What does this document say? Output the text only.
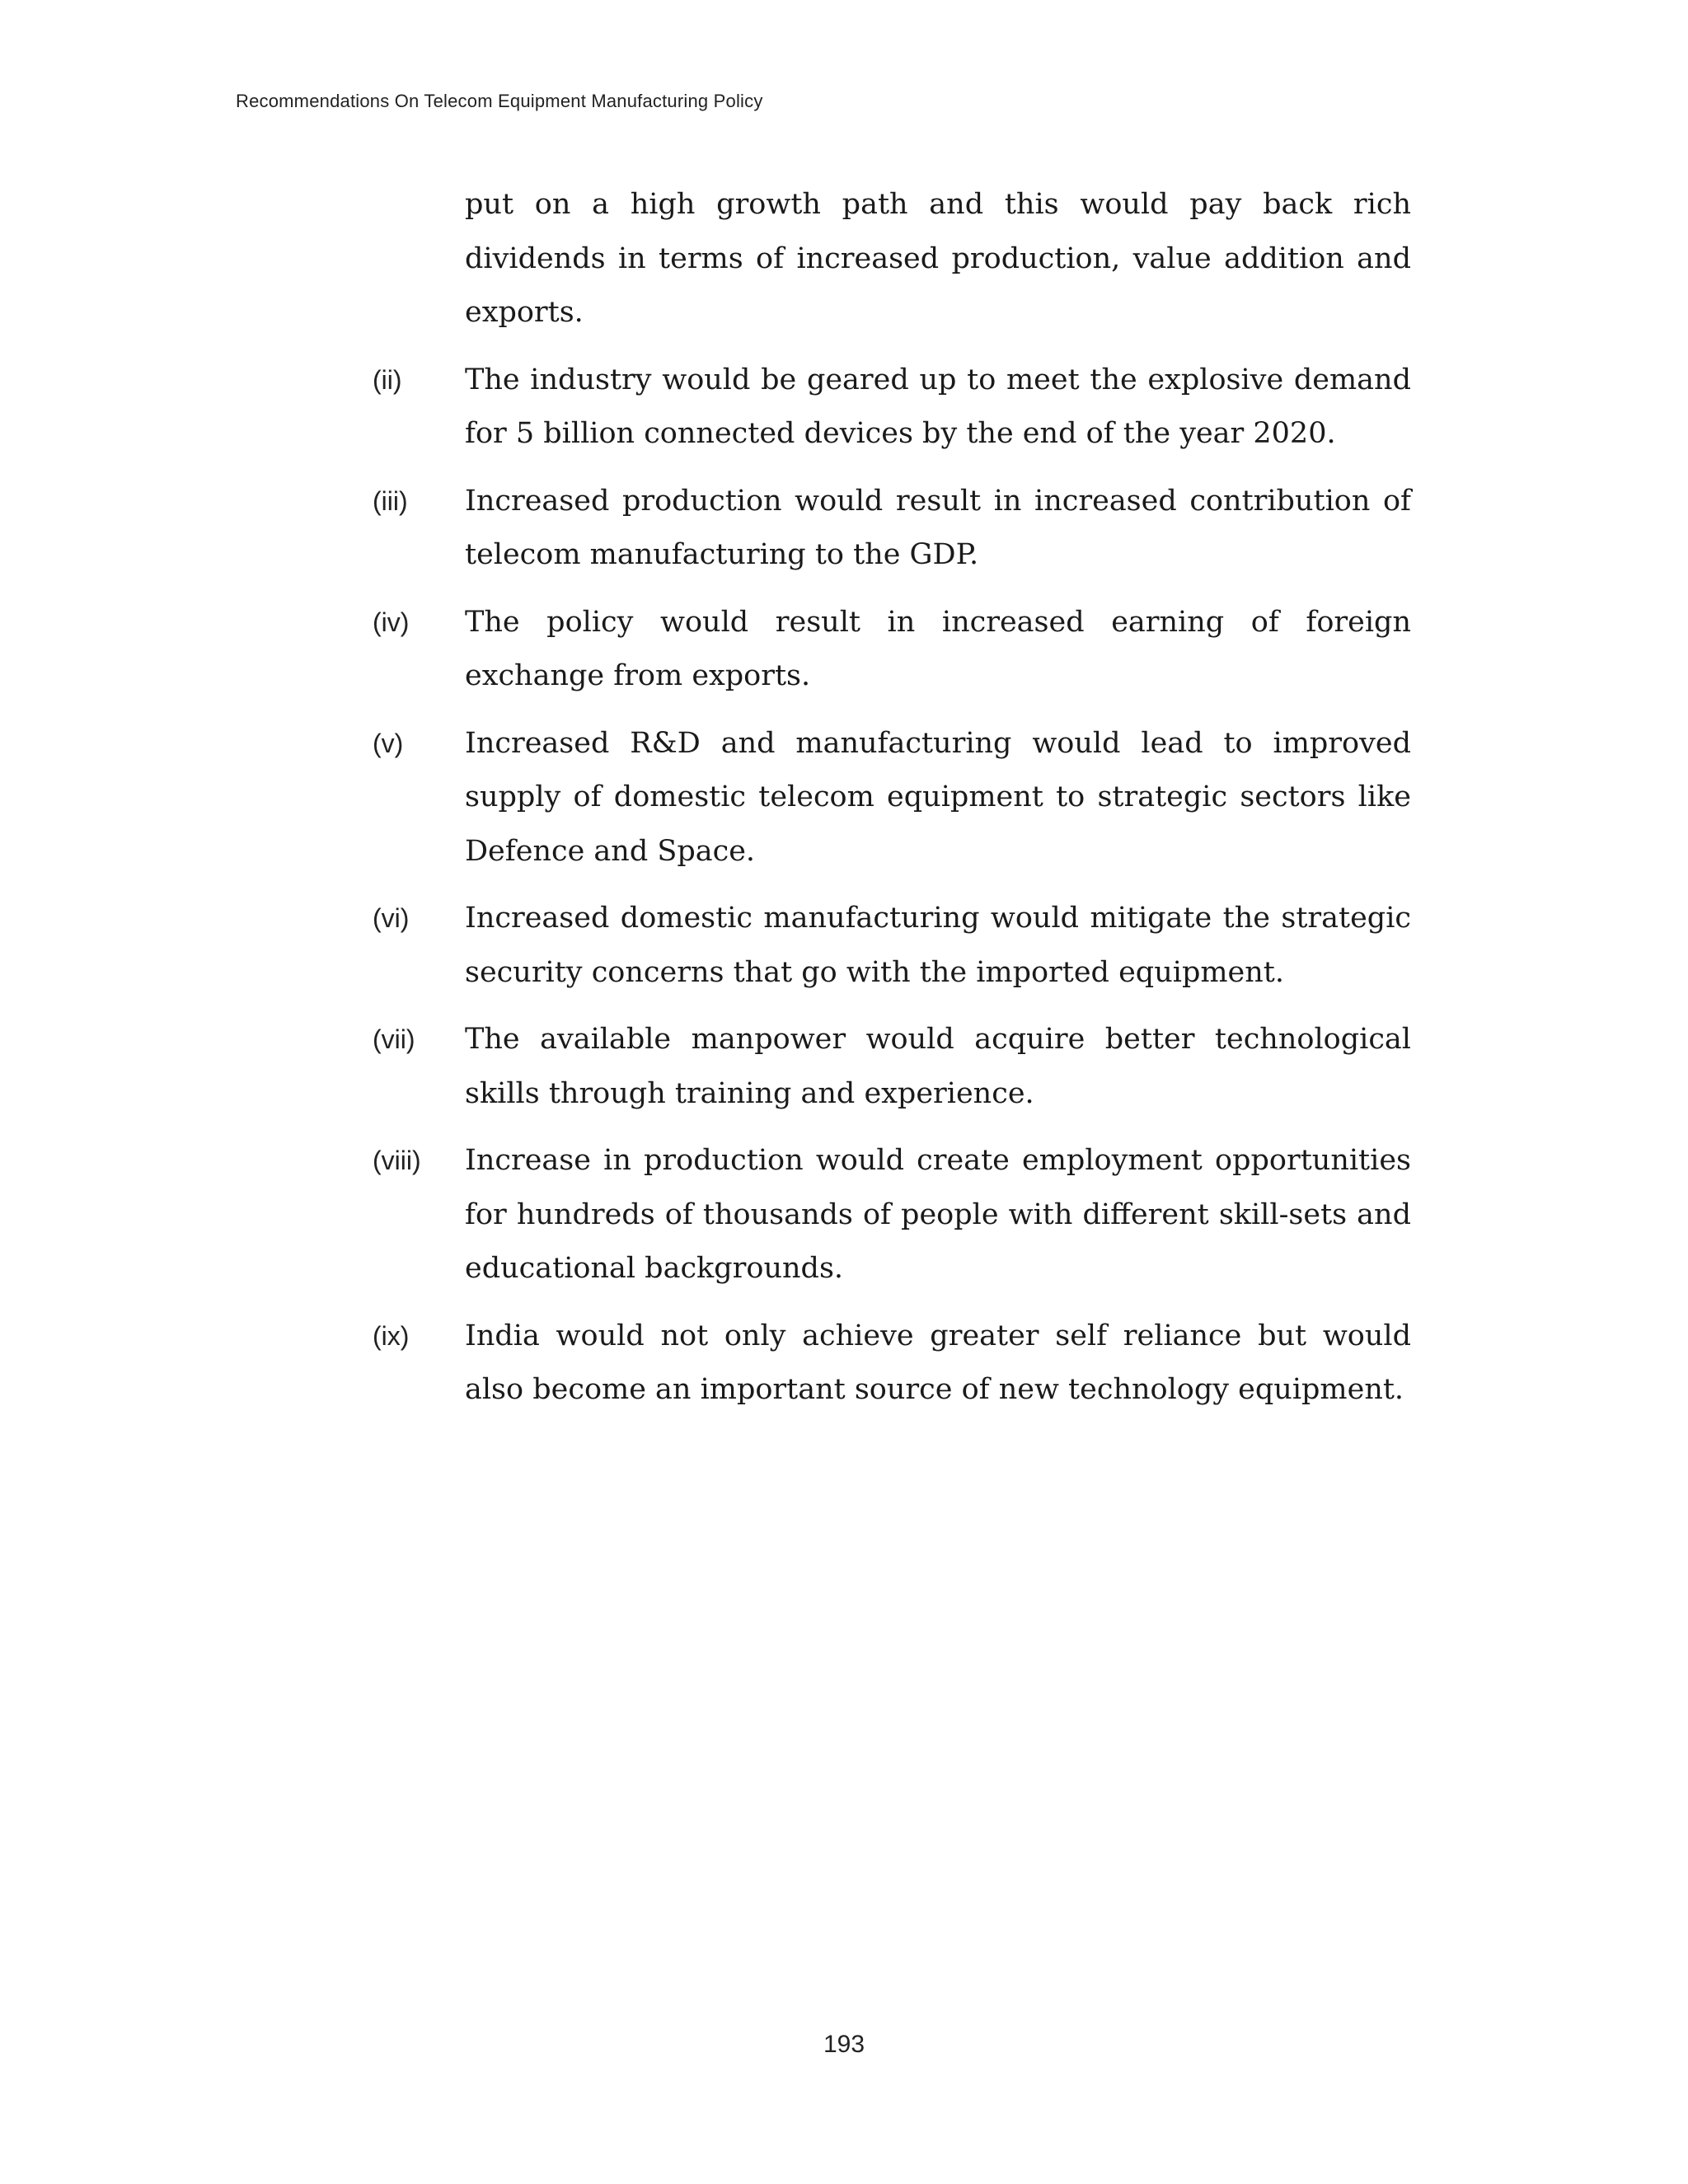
Recommendations On Telecom Equipment Manufacturing Policy
put on a high growth path and this would pay back rich dividends in terms of increased production, value addition and exports.
(ii)	The industry would be geared up to meet the explosive demand for 5 billion connected devices by the end of the year 2020.
(iii)	Increased production would result in increased contribution of telecom manufacturing to the GDP.
(iv)	The policy would result in increased earning of foreign exchange from exports.
(v)	Increased R&D and manufacturing would lead to improved supply of domestic telecom equipment to strategic sectors like Defence and Space.
(vi)	Increased domestic manufacturing would mitigate the strategic security concerns that go with the imported equipment.
(vii)	The available manpower would acquire better technological skills through training and experience.
(viii)	Increase in production would create employment opportunities for hundreds of thousands of people with different skill-sets and educational backgrounds.
(ix)	India would not only achieve greater self reliance but would also become an important source of new technology equipment.
193
